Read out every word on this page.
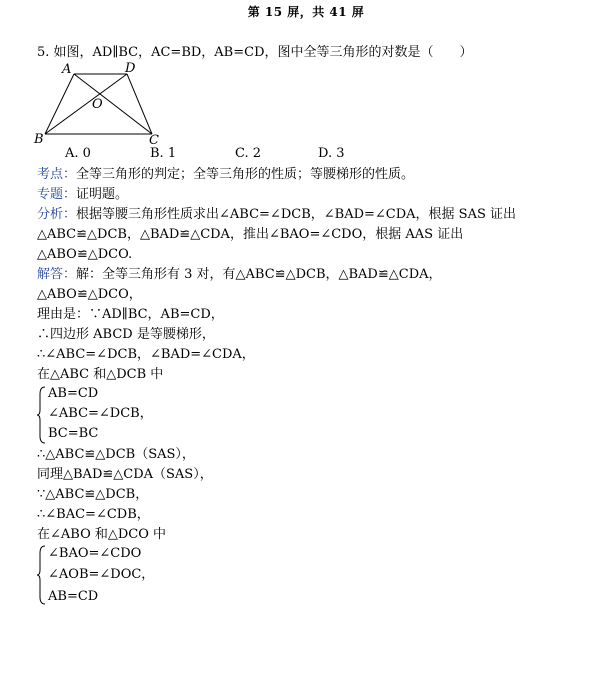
第 15 屏，共 41 屏
5. 如图，AD∥BC，AC=BD，AB=CD，图中全等三角形的对数是（　　）
A	D
O
B	C
A. 0	B. 1	C. 2	D. 3
考点：全等三角形的判定；全等三角形的性质；等腰梯形的性质。
专题：证明题。
分析：根据等腰三角形性质求出∠ABC=∠DCB，∠BAD=∠CDA，根据 SAS 证出
△ABC≌△DCB，△BAD≌△CDA，推出∠BAO=∠CDO，根据 AAS 证出
△ABO≌△DCO.
解答：解：全等三角形有 3 对，有△ABC≌△DCB，△BAD≌△CDA，
△ABO≌△DCO，
理由是：∵AD∥BC，AB=CD，
∴四边形 ABCD 是等腰梯形，
∴∠ABC=∠DCB，∠BAD=∠CDA，
在△ABC 和△DCB 中
AB=CD
∠ABC=∠DCB，
BC=BC
∴△ABC≌△DCB（SAS），
同理△BAD≌△CDA（SAS），
∵△ABC≌△DCB，
∴∠BAC=∠CDB，
在∠ABO 和△DCO 中
∠BAO=∠CDO
∠AOB=∠DOC，
AB=CD
